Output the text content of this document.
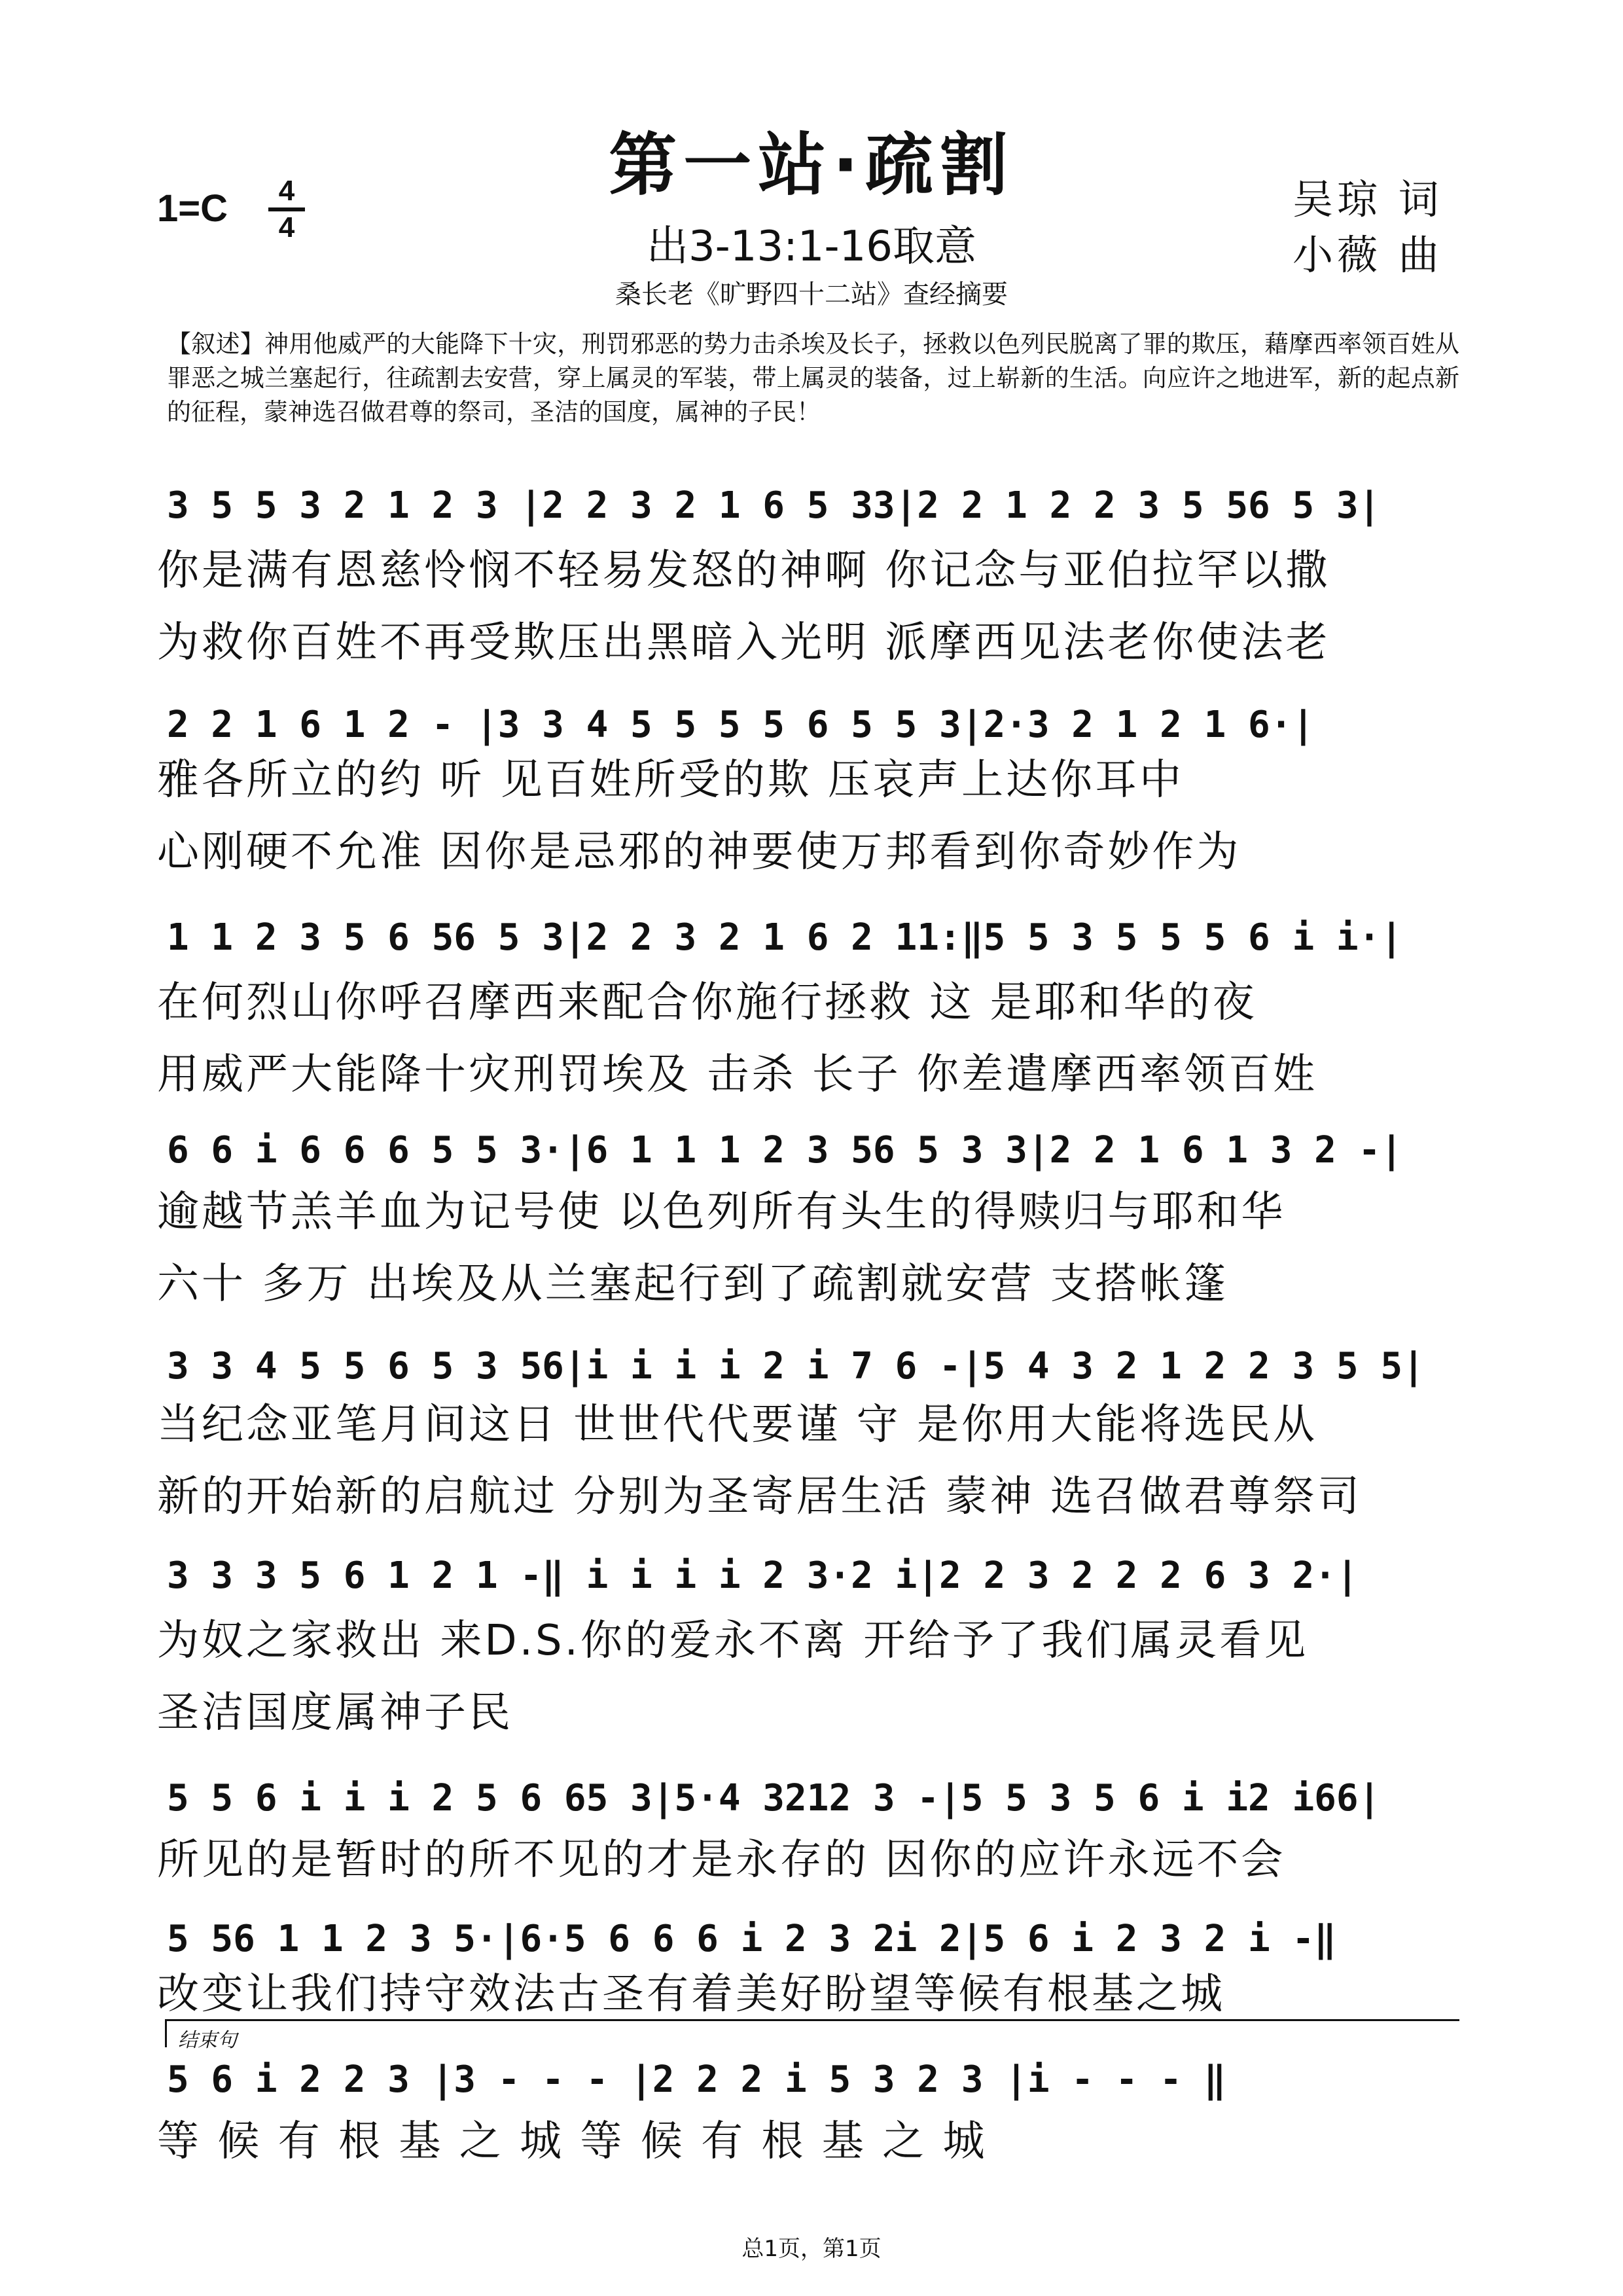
第一站·疏割
1=C	4
4	出3-13:1-16取意
桑长老《旷野四十二站》查经摘要
吴琼 词
小薇 曲
【叙述】神用他威严的大能降下十灾，刑罚邪恶的势力击杀埃及长子，拯救以色列民脱离了罪的欺压，藉摩西率领百姓从罪恶之城兰塞起行，往疏割去安营，穿上属灵的军装，带上属灵的装备，过上崭新的生活。向应许之地进军，新的起点新的征程，蒙神选召做君尊的祭司，圣洁的国度，属神的子民！
3 5 5 3 2 1 2 3 |2 2 3 2 1 6 5 33|2 2 1 2 2 3 5 56 5 3|
你是满有恩慈怜悯不轻易发怒的神啊 你记念与亚伯拉罕以撒
为救你百姓不再受欺压出黑暗入光明 派摩西见法老你使法老
2 2 1 6 1 2 - |3 3 4 5 5 5 5 6 5 5 3|2·3 2 1 2 1 6·|
雅各所立的约 听 见百姓所受的欺 压哀声上达你耳中
心刚硬不允准 因你是忌邪的神要使万邦看到你奇妙作为
1 1 2 3 5 6 56 5 3|2 2 3 2 1 6 2 11:‖5 5 3 5 5 5 6 i i·|
在何烈山你呼召摩西来配合你施行拯救 这 是耶和华的夜
用威严大能降十灾刑罚埃及 击杀 长子 你差遣摩西率领百姓
6 6 i 6 6 6 5 5 3·|6 1 1 1 2 3 56 5 3 3|2 2 1 6 1 3 2 -|
逾越节羔羊血为记号使 以色列所有头生的得赎归与耶和华
六十 多万 出埃及从兰塞起行到了疏割就安营 支搭帐篷
3 3 4 5 5 6 5 3 56|i i i i 2 i 7 6 -|5 4 3 2 1 2 2 3 5 5|
当纪念亚笔月间这日 世世代代要谨 守 是你用大能将选民从
新的开始新的启航过 分别为圣寄居生活 蒙神 选召做君尊祭司
3 3 3 5 6 1 2 1 -‖ i i i i 2 3·2 i|2 2 3 2 2 2 6 3 2·|
为奴之家救出 来D.S.你的爱永不离 开给予了我们属灵看见
圣洁国度属神子民
5 5 6 i i i 2 5 6 65 3|5·4 3212 3 -|5 5 3 5 6 i i2 i66|
所见的是暂时的所不见的才是永存的 因你的应许永远不会
5 56 1 1 2 3 5·|6·5 6 6 6 i 2 3 2i 2|5 6 i 2 3 2 i -‖
改变让我们持守效法古圣有着美好盼望等候有根基之城
结束句
5 6 i 2 2 3 |3 - - - |2 2 2 i 5 3 2 3 |i - - - ‖
等 候 有 根 基 之 城 等 候 有 根 基 之 城
总1页，第1页
